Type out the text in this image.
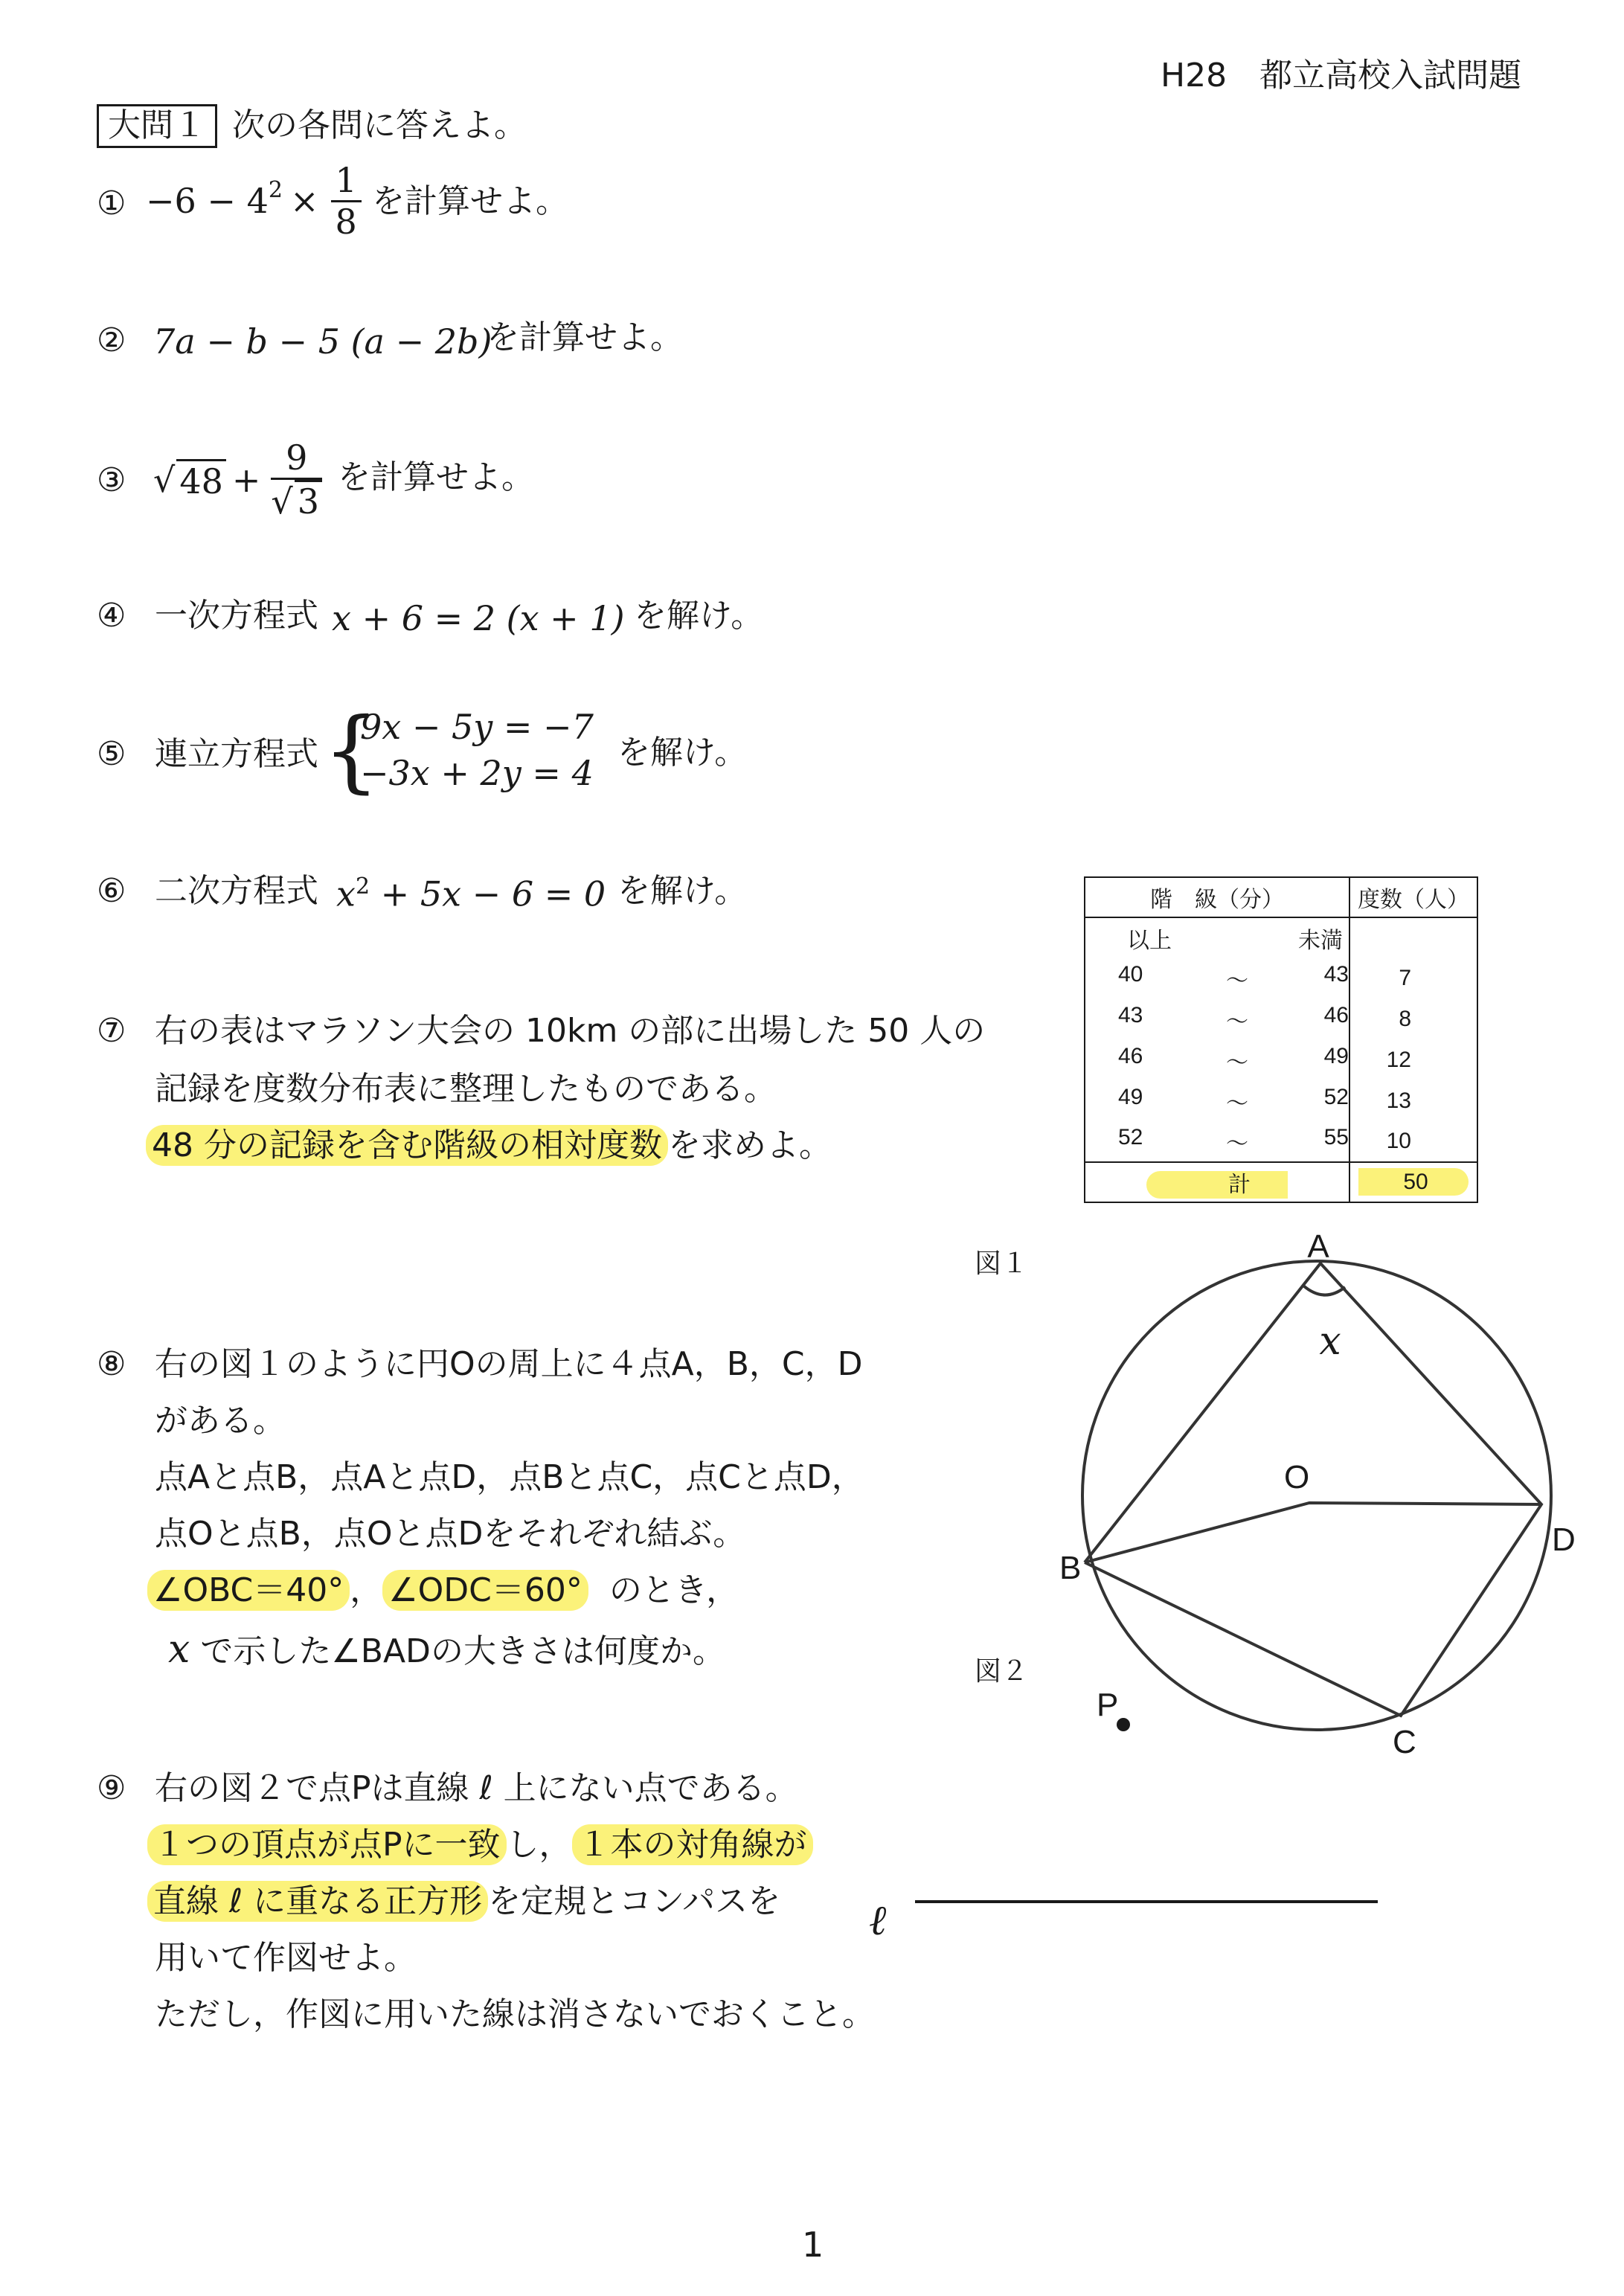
H28　都立高校入試問題
大問１ 次の各問に答えよ。
① −6 − 4 $2 \times \frac{1}{8}$ を計算せよ。
② 7a − b − 5 (a − 2b)
を計算せよ。
③ √ $48 + \frac{9}{√ 3}$ を計算せよ。
④ 一次方程式 x + 6 = 2 (x + 1) を解け。
⑤ 連立方程式 {
9x − 5y = −7
−3x + 2y = 4
を解け。
⑥ 二次方程式 $x^2 + 5x - 6 = 0$ を解け。
⑦ 右の表はマラソン大会の 10km の部に出場した 50 人の
記録を度数分布表に整理したものである。
48 分の記録を含む階級の相対度数 を求めよ。
階　級（分）	度数（人）

以上 未満	

40 〜 43	7

43 〜 46	8

46 〜 49	12

49 〜 52	13

52 〜 55	10
計	50
⑧ 右の図１のように円Oの周上に４点A，B，C，D
がある。
点Aと点B，点Aと点D，点Bと点C，点Cと点D，
点Oと点B，点Oと点Dをそれぞれ結ぶ。
∠OBC＝40° ， ∠ODC＝60° のとき，
x で示した∠BADの大きさは何度か。
図１	A
B
C
D
O
x
図２
P
ℓ
⑨ 右の図２で点Pは直線 ℓ 上にない点である。
１つの頂点が点Pに一致 し， １本の対角線が
直線 ℓ に重なる正方形 を定規とコンパスを
用いて作図せよ。
ただし，作図に用いた線は消さないでおくこと。
1
